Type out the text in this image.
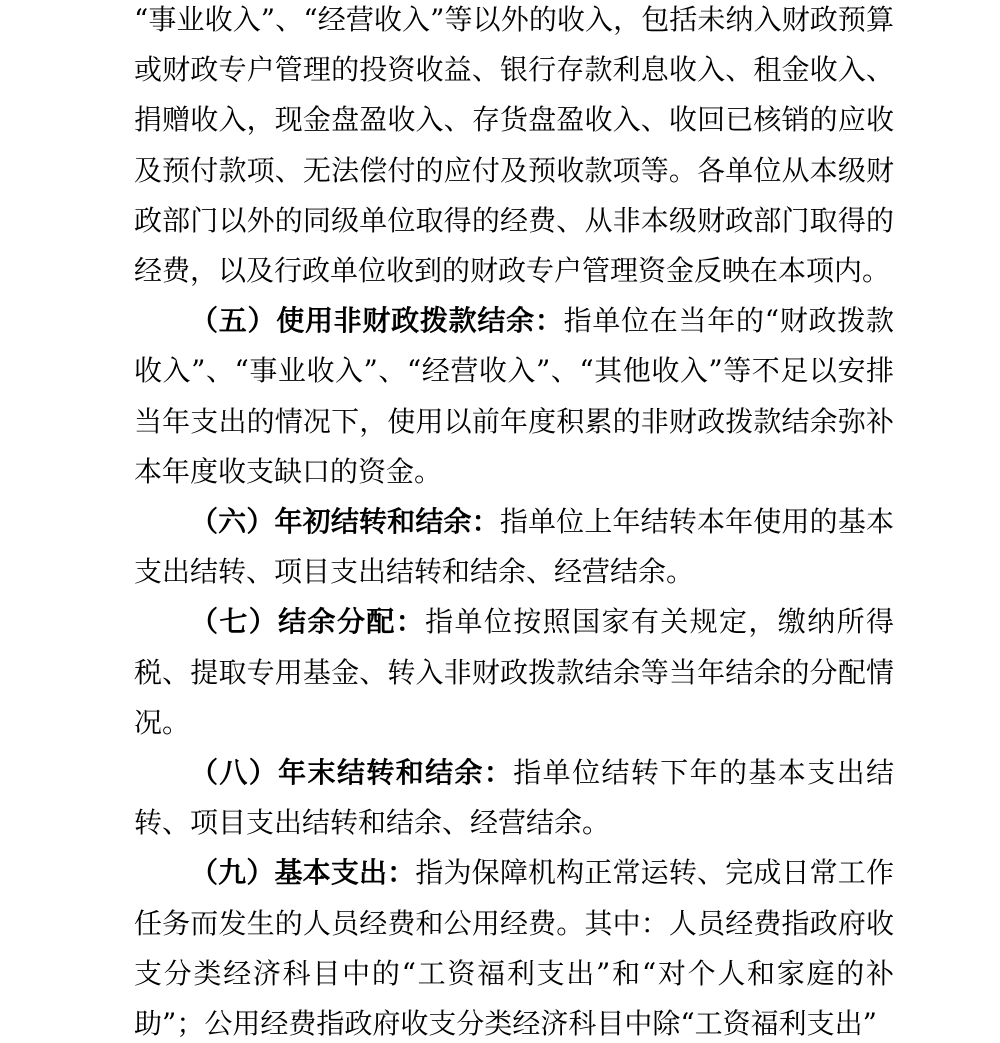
“事业收入”、“经营收入”等以外的收入，包括未纳入财政预算或财政专户管理的投资收益、银行存款利息收入、租金收入、捐赠收入，现金盘盈收入、存货盘盈收入、收回已核销的应收及预付款项、无法偿付的应付及预收款项等。各单位从本级财政部门以外的同级单位取得的经费、从非本级财政部门取得的经费，以及行政单位收到的财政专户管理资金反映在本项内。

（五）使用非财政拨款结余：指单位在当年的“财政拨款收入”、“事业收入”、“经营收入”、“其他收入”等不足以安排当年支出的情况下，使用以前年度积累的非财政拨款结余弥补本年度收支缺口的资金。

（六）年初结转和结余：指单位上年结转本年使用的基本支出结转、项目支出结转和结余、经营结余。

（七）结余分配：指单位按照国家有关规定，缴纳所得税、提取专用基金、转入非财政拨款结余等当年结余的分配情况。

（八）年末结转和结余：指单位结转下年的基本支出结转、项目支出结转和结余、经营结余。

（九）基本支出：指为保障机构正常运转、完成日常工作任务而发生的人员经费和公用经费。其中：人员经费指政府收支分类经济科目中的“工资福利支出”和“对个人和家庭的补助”；公用经费指政府收支分类经济科目中除“工资福利支出”
